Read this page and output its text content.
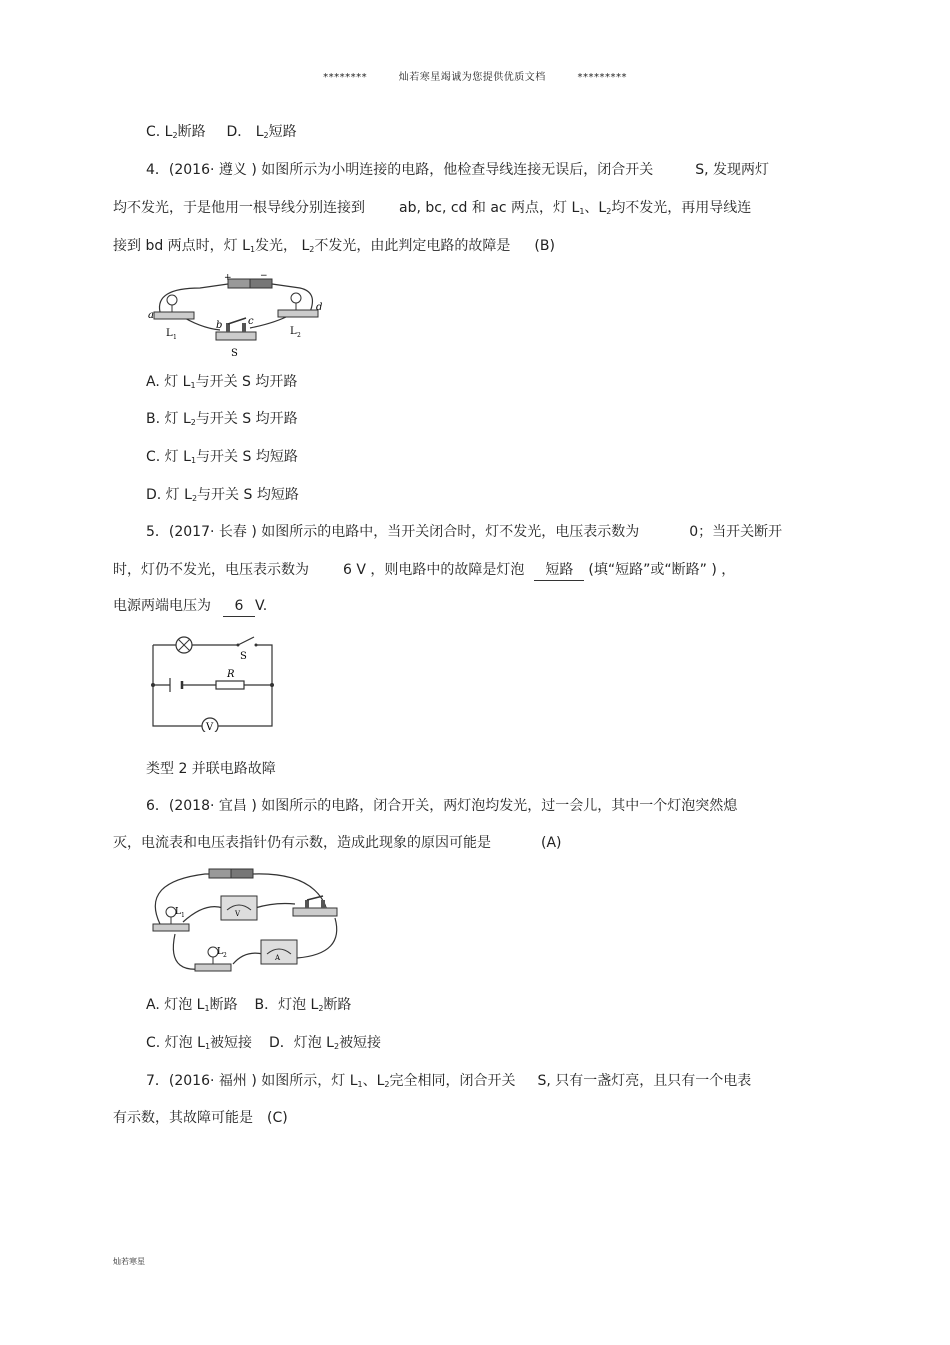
********	灿若寒星竭诚为您提供优质文档	*********
C. $L_2$断路 D． $L_2$短路
4．(2016· 遵义 ) 如图所示为小明连接的电路，他检查导线连接无误后，闭合开关	S, 发现两灯
均不发光，于是他用一根导线分别连接到 ab, bc, cd 和 ac 两点，灯 $L_1$、$L_2$均不发光，再用导线连
接到 bd 两点时，灯 $L_1$发光， $L_2$不发光，由此判定电路的故障是 (B)
+	−
a
b	c
d
L 1
L 2
S
A. 灯 $L_1$与开关 S 均开路
B. 灯 $L_2$与开关 S 均开路
C. 灯 $L_1$与开关 S 均短路
D. 灯 $L_2$与开关 S 均短路
5．(2017· 长春 ) 如图所示的电路中，当开关闭合时，灯不发光，电压表示数为	0；当开关断开
时，灯仍不发光，电压表示数为 6 V ，则电路中的故障是灯泡 短路 (填“短路”或“断路” ) ，
电源两端电压为 6 V.
S
R
V
类型 2 并联电路故障
6．(2018· 宜昌 ) 如图所示的电路，闭合开关，两灯泡均发光，过一会儿，其中一个灯泡突然熄
灭，电流表和电压表指针仍有示数，造成此现象的原因可能是	(A)
L 1	V
L 2	A
A. 灯泡 $L_1$断路 B．灯泡 $L_2$断路
C. 灯泡 $L_1$被短接 D．灯泡 $L_2$被短接
7．(2016· 福州 ) 如图所示，灯 $L_1$、$L_2$完全相同，闭合开关 S, 只有一盏灯亮，且只有一个电表
有示数，其故障可能是 (C)
灿若寒星
